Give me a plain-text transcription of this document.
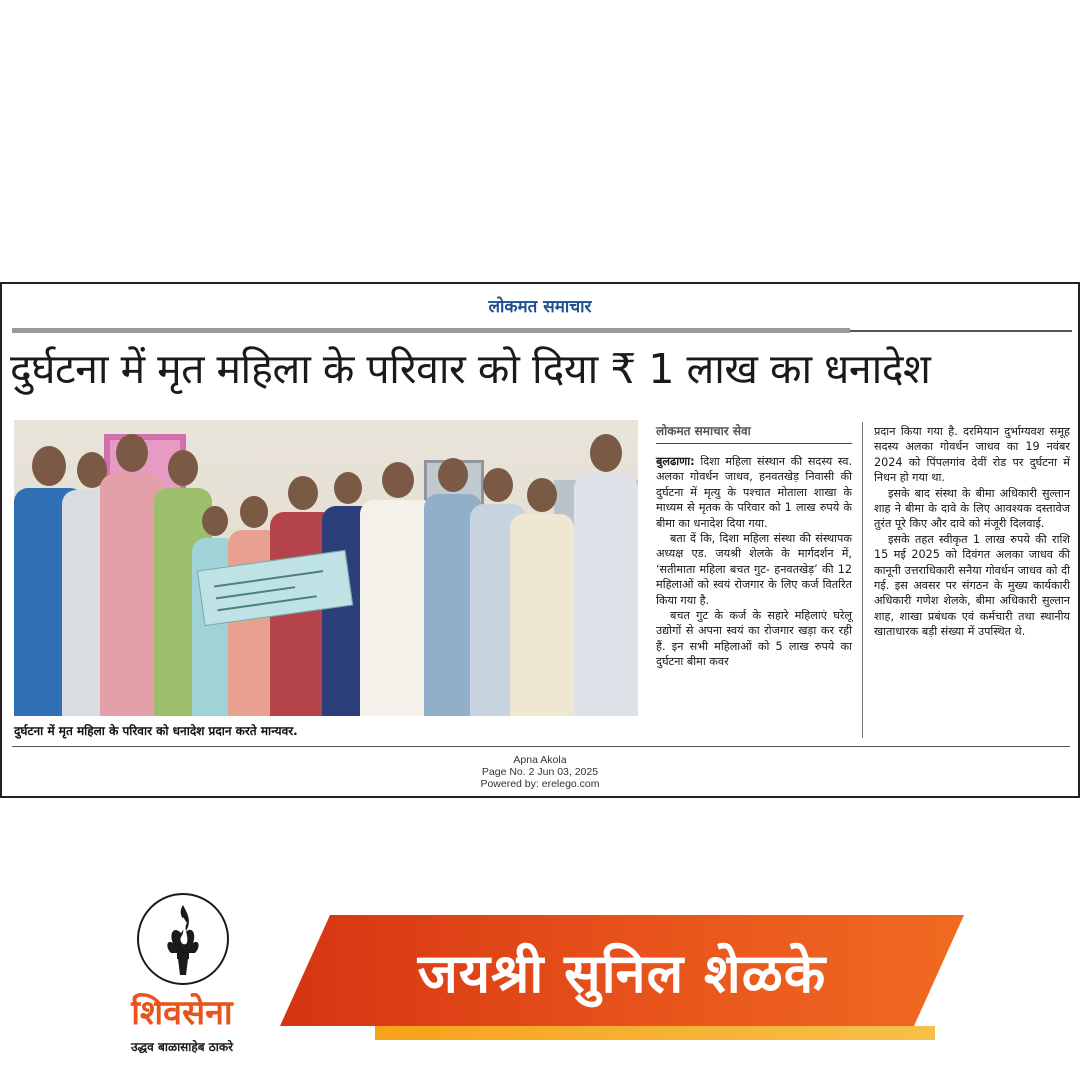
लोकमत समाचार
दुर्घटना में मृत महिला के परिवार को दिया ₹ 1 लाख का धनादेश
दुर्घटना में मृत महिला के परिवार को धनादेश प्रदान करते मान्यवर.
लोकमत समाचार सेवा

बुलढाणा: दिशा महिला संस्थान की सदस्य स्व. अलका गोवर्धन जाधव, हनवतखेड़ निवासी की दुर्घटना में मृत्यु के पश्चात मोताला शाखा के माध्यम से मृतक के परिवार को 1 लाख रुपये के बीमा का धनादेश दिया गया.

बता दें कि, दिशा महिला संस्था की संस्थापक अध्यक्ष एड. जयश्री शेलके के मार्गदर्शन में, ‘सतीमाता महिला बचत गुट- हनवतखेड़’ की 12 महिलाओं को स्वयं रोजगार के लिए कर्ज वितरित किया गया है.

बचत गुट के कर्ज के सहारे महिलाएं घरेलू उद्योगों से अपना स्वयं का रोजगार खड़ा कर रही हैं. इन सभी महिलाओं को 5 लाख रुपये का दुर्घटना बीमा कवर

प्रदान किया गया है. दरमियान दुर्भाग्यवश समूह सदस्य अलका गोवर्धन जाधव का 19 नवंबर 2024 को पिंपलगांव देवीं रोड पर दुर्घटना में निधन हो गया था.

इसके बाद संस्था के बीमा अधिकारी सुल्तान शाह ने बीमा के दावे के लिए आवश्यक दस्तावेज तुरंत पूरे किए और दावे को मंजूरी दिलवाई.

इसके तहत स्वीकृत 1 लाख रुपये की राशि 15 मई 2025 को दिवंगत अलका जाधव की कानूनी उत्तराधिकारी सनैया गोवर्धन जाधव को दी गई. इस अवसर पर संगठन के मुख्य कार्यकारी अधिकारी गणेश शेलके, बीमा अधिकारी सुल्तान शाह, शाखा प्रबंधक एवं कर्मचारी तथा स्थानीय खाताधारक बड़ी संख्या में उपस्थित थे.

Apna Akola
Page No. 2 Jun 03, 2025
Powered by: erelego.com
शिवसेना
उद्धव बाळासाहेब ठाकरे
जयश्री सुनिल शेळके
